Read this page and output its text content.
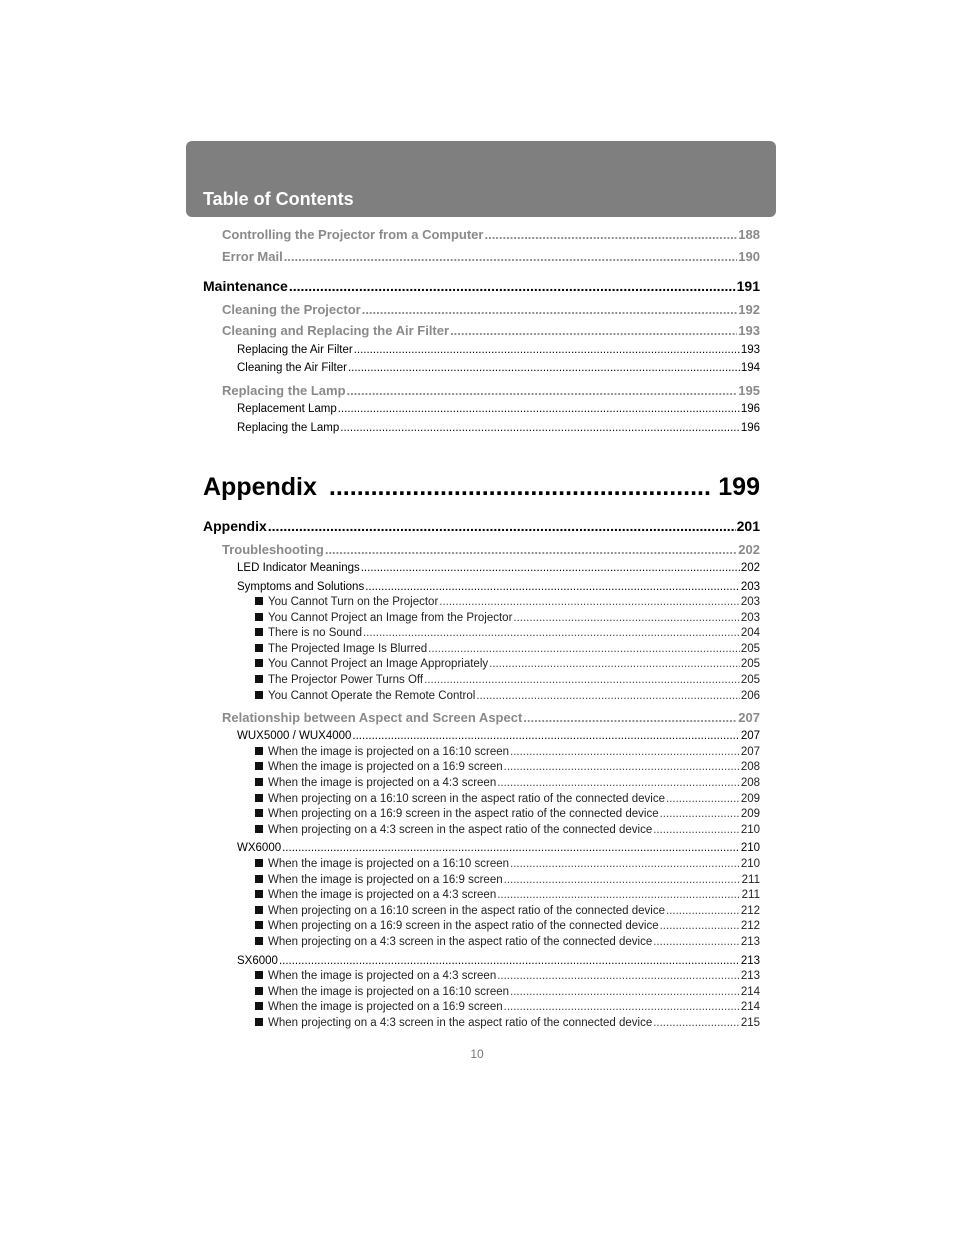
Table of Contents
Controlling the Projector from a Computer .....	188
Error Mail .....	190
Maintenance .....	191
Cleaning the Projector .....	192
Cleaning and Replacing the Air Filter .....	193
Replacing the Air Filter .....	193
Cleaning the Air Filter .....	194
Replacing the Lamp .....	195
Replacement Lamp .....	196
Replacing the Lamp .....	196
Appendix .....	199
Appendix .....	201
Troubleshooting .....	202
LED Indicator Meanings .....	202
Symptoms and Solutions .....	203
You Cannot Turn on the Projector .....	203
You Cannot Project an Image from the Projector .....	203
There is no Sound .....	204
The Projected Image Is Blurred .....	205
You Cannot Project an Image Appropriately .....	205
The Projector Power Turns Off .....	205
You Cannot Operate the Remote Control .....	206
Relationship between Aspect and Screen Aspect .....	207
WUX5000 / WUX4000 .....	207
When the image is projected on a 16:10 screen .....	207
When the image is projected on a 16:9 screen .....	208
When the image is projected on a 4:3 screen .....	208
When projecting on a 16:10 screen in the aspect ratio of the connected device .....	209
When projecting on a 16:9 screen in the aspect ratio of the connected device .....	209
When projecting on a 4:3 screen in the aspect ratio of the connected device .....	210
WX6000 .....	210
When the image is projected on a 16:10 screen .....	210
When the image is projected on a 16:9 screen .....	211
When the image is projected on a 4:3 screen .....	211
When projecting on a 16:10 screen in the aspect ratio of the connected device .....	212
When projecting on a 16:9 screen in the aspect ratio of the connected device .....	212
When projecting on a 4:3 screen in the aspect ratio of the connected device .....	213
SX6000 .....	213
When the image is projected on a 4:3 screen .....	213
When the image is projected on a 16:10 screen .....	214
When the image is projected on a 16:9 screen .....	214
When projecting on a 4:3 screen in the aspect ratio of the connected device .....	215
10
